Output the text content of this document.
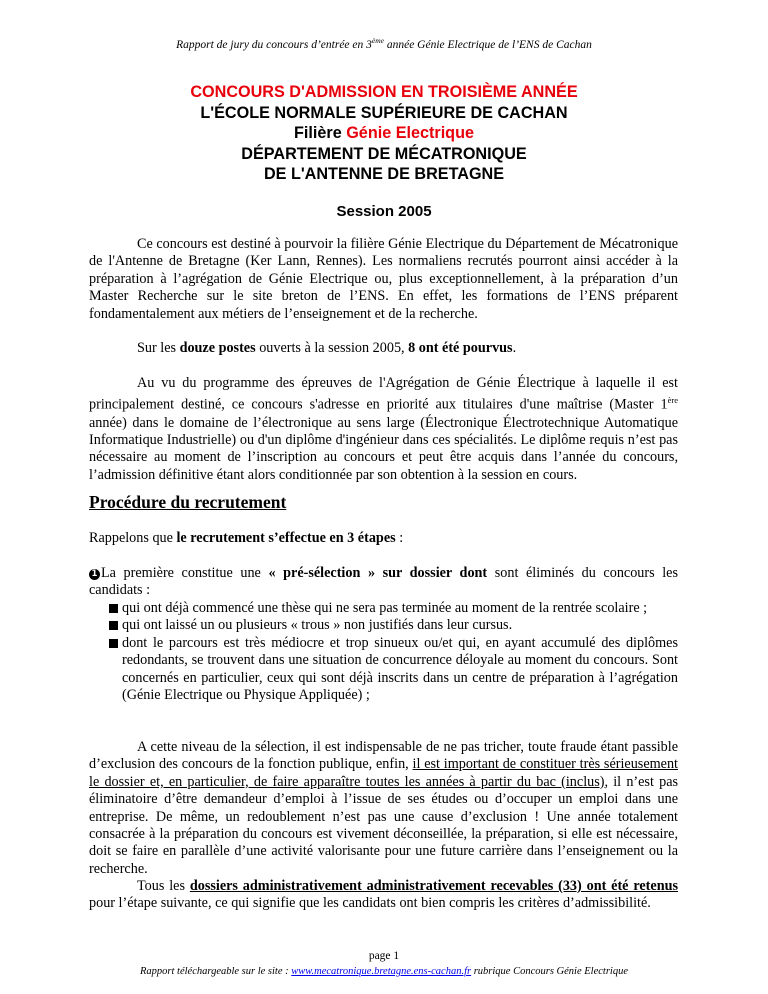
Rapport de jury du concours d’entrée en 3ème année Génie Electrique de l’ENS de Cachan
CONCOURS D'ADMISSION EN TROISIÈME ANNÉE
L'ÉCOLE NORMALE SUPÉRIEURE DE CACHAN
Filière Génie Electrique
DÉPARTEMENT DE MÉCATRONIQUE
DE L'ANTENNE DE BRETAGNE
Session 2005
Ce concours est destiné à pourvoir la filière Génie Electrique du Département de Mécatronique de l'Antenne de Bretagne (Ker Lann, Rennes). Les normaliens recrutés pourront ainsi accéder à la préparation à l’agrégation de Génie Electrique ou, plus exceptionnellement, à la préparation d’un Master Recherche sur le site breton de l’ENS. En effet, les formations de l’ENS préparent fondamentalement aux métiers de l’enseignement et de la recherche.
Sur les douze postes ouverts à la session 2005, 8 ont été pourvus.
Au vu du programme des épreuves de l'Agrégation de Génie Électrique à laquelle il est principalement destiné, ce concours s'adresse en priorité aux titulaires d'une maîtrise (Master 1ère année) dans le domaine de l’électronique au sens large (Électronique Électrotechnique Automatique Informatique Industrielle) ou d'un diplôme d'ingénieur dans ces spécialités. Le diplôme requis n’est pas nécessaire au moment de l’inscription au concours et peut être acquis dans l’année du concours, l’admission définitive étant alors conditionnée par son obtention à la session en cours.
Procédure du recrutement
Rappelons que le recrutement s’effectue en 3 étapes :
1 La première constitue une « pré-sélection » sur dossier dont sont éliminés du concours les candidats :
qui ont déjà commencé une thèse qui ne sera pas terminée au moment de la rentrée scolaire ;
qui ont laissé un ou plusieurs « trous » non justifiés dans leur cursus.
dont le parcours est très médiocre et trop sinueux ou/et qui, en ayant accumulé des diplômes redondants, se trouvent dans une situation de concurrence déloyale au moment du concours. Sont concernés en particulier, ceux qui sont déjà inscrits dans un centre de préparation à l’agrégation (Génie Electrique ou Physique Appliquée) ;
A cette niveau de la sélection, il est indispensable de ne pas tricher, toute fraude étant passible d’exclusion des concours de la fonction publique, enfin, il est important de constituer très sérieusement le dossier et, en particulier, de faire apparaître toutes les années à partir du bac (inclus), il n’est pas éliminatoire d’être demandeur d’emploi à l’issue de ses études ou d’occuper un emploi dans une entreprise. De même, un redoublement n’est pas une cause d’exclusion ! Une année totalement consacrée à la préparation du concours est vivement déconseillée, la préparation, si elle est nécessaire, doit se faire en parallèle d’une activité valorisante pour une future carrière dans l’enseignement ou la recherche.
Tous les dossiers administrativement administrativement recevables (33) ont été retenus pour l’étape suivante, ce qui signifie que les candidats ont bien compris les critères d’admissibilité.
page 1
Rapport téléchargeable sur le site : www.mecatronique.bretagne.ens-cachan.fr rubrique Concours Génie Electrique
